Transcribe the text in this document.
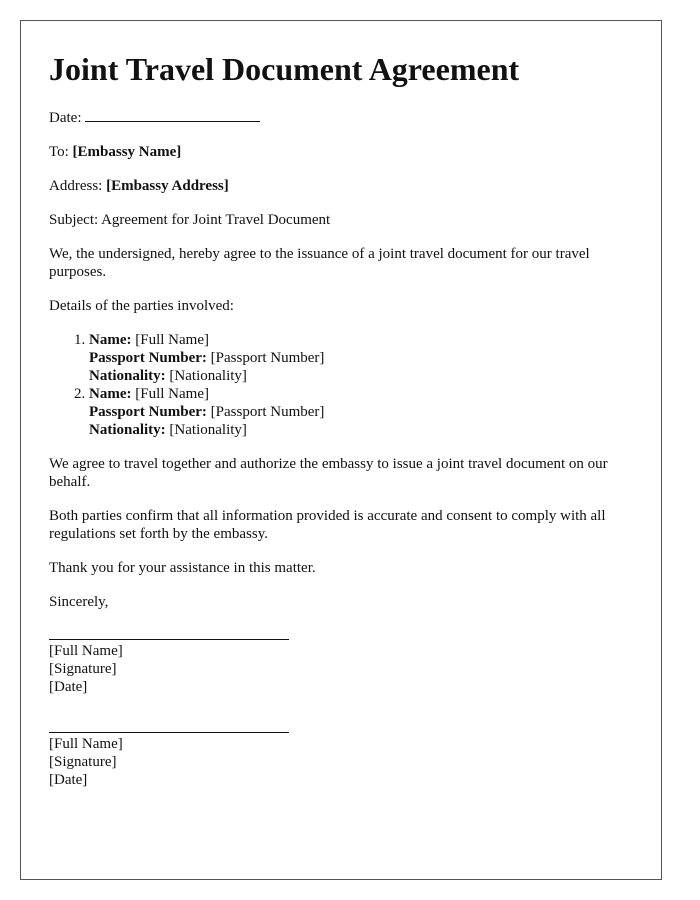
Joint Travel Document Agreement

Date:

To: [Embassy Name]

Address: [Embassy Address]

Subject: Agreement for Joint Travel Document

We, the undersigned, hereby agree to the issuance of a joint travel document for our travel purposes.

Details of the parties involved:

1. Name: [Full Name]
Passport Number: [Passport Number]
Nationality: [Nationality]
2. Name: [Full Name]
Passport Number: [Passport Number]
Nationality: [Nationality]

We agree to travel together and authorize the embassy to issue a joint travel document on our behalf.

Both parties confirm that all information provided is accurate and consent to comply with all regulations set forth by the embassy.

Thank you for your assistance in this matter.

Sincerely,

[Full Name]
[Signature]
[Date]
[Full Name]
[Signature]
[Date]
